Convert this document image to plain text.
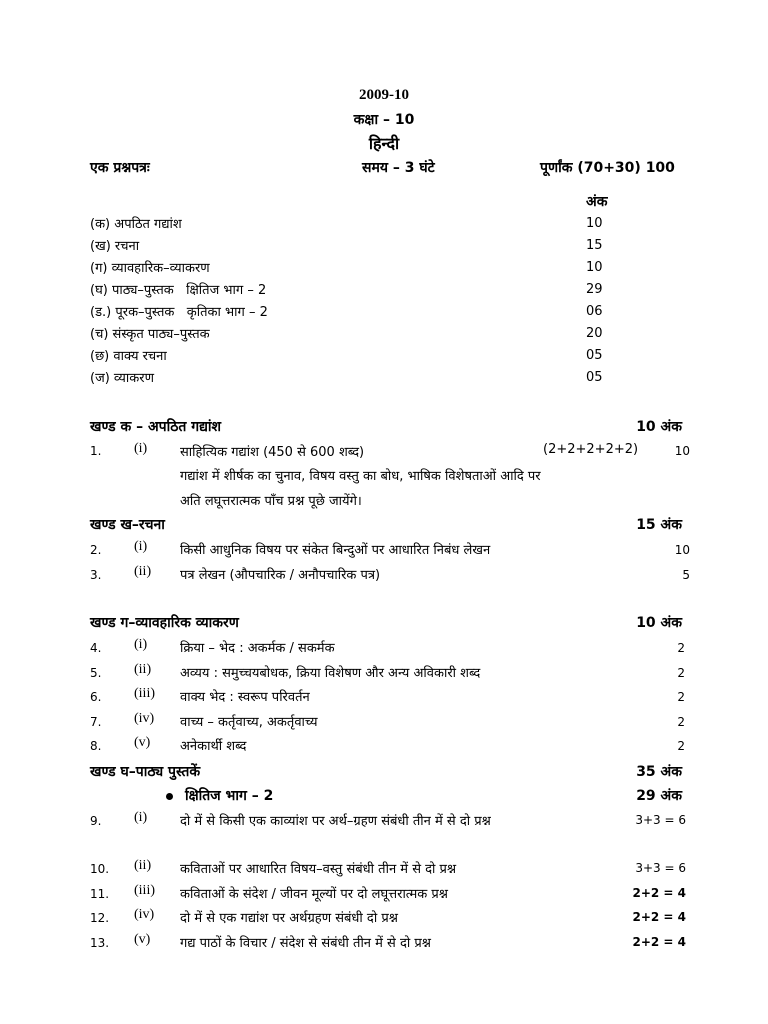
2009-10
कक्षा – 10
हिन्दी
एक प्रश्नपत्रः	समय – 3 घंटे	पूर्णांक (70+30) 100
अंक
(क) अपठित गद्यांश	10
(ख) रचना	15
(ग) व्यावहारिक–व्याकरण	10
(घ) पाठ्य–पुस्तक   क्षितिज भाग – 2	29
(ड.) पूरक–पुस्तक   कृतिका भाग – 2	06
(च) संस्कृत पाठ्य–पुस्तक	20
(छ) वाक्य रचना	05
(ज) व्याकरण	05
खण्ड क – अपठित गद्यांश	10 अंक
1. (i)	साहित्यिक गद्यांश (450 से 600 शब्द)	(2+2+2+2+2)	10
गद्यांश में शीर्षक का चुनाव, विषय वस्तु का बोध, भाषिक विशेषताओं आदि पर
अति लघूत्तरात्मक पाँच प्रश्न पूछे जायेंगे।
खण्ड ख–रचना	15 अंक
2. (i)	किसी आधुनिक विषय पर संकेत बिन्दुओं पर आधारित निबंध लेखन	10
3. (ii) पत्र लेखन (औपचारिक / अनौपचारिक पत्र)	5
खण्ड ग–व्यावहारिक व्याकरण	10 अंक
4. (i)	क्रिया – भेद : अकर्मक / सकर्मक	2
5. (ii) अव्यय : समुच्चयबोधक, क्रिया विशेषण और अन्य अविकारी शब्द	2
6. (iii) वाक्य भेद : स्वरूप परिवर्तन	2
7. (iv) वाच्य – कर्तृवाच्य, अकर्तृवाच्य	2
8. (v) अनेकार्थी शब्द	2
खण्ड घ–पाठ्य पुस्तकें	35 अंक
क्षितिज भाग – 2	29 अंक
9. (i)	दो में से किसी एक काव्यांश पर अर्थ–ग्रहण संबंधी तीन में से दो प्रश्न	3+3 = 6
10. (ii) कविताओं पर आधारित विषय–वस्तु संबंधी तीन में से दो प्रश्न	3+3 = 6
11. (iii) कविताओं के संदेश / जीवन मूल्यों पर दो लघूत्तरात्मक प्रश्न	2+2 = 4
12. (iv) दो में से एक गद्यांश पर अर्थग्रहण संबंधी दो प्रश्न	2+2 = 4
13. (v) गद्य पाठों के विचार / संदेश से संबंधी तीन में से दो प्रश्न	2+2 = 4
